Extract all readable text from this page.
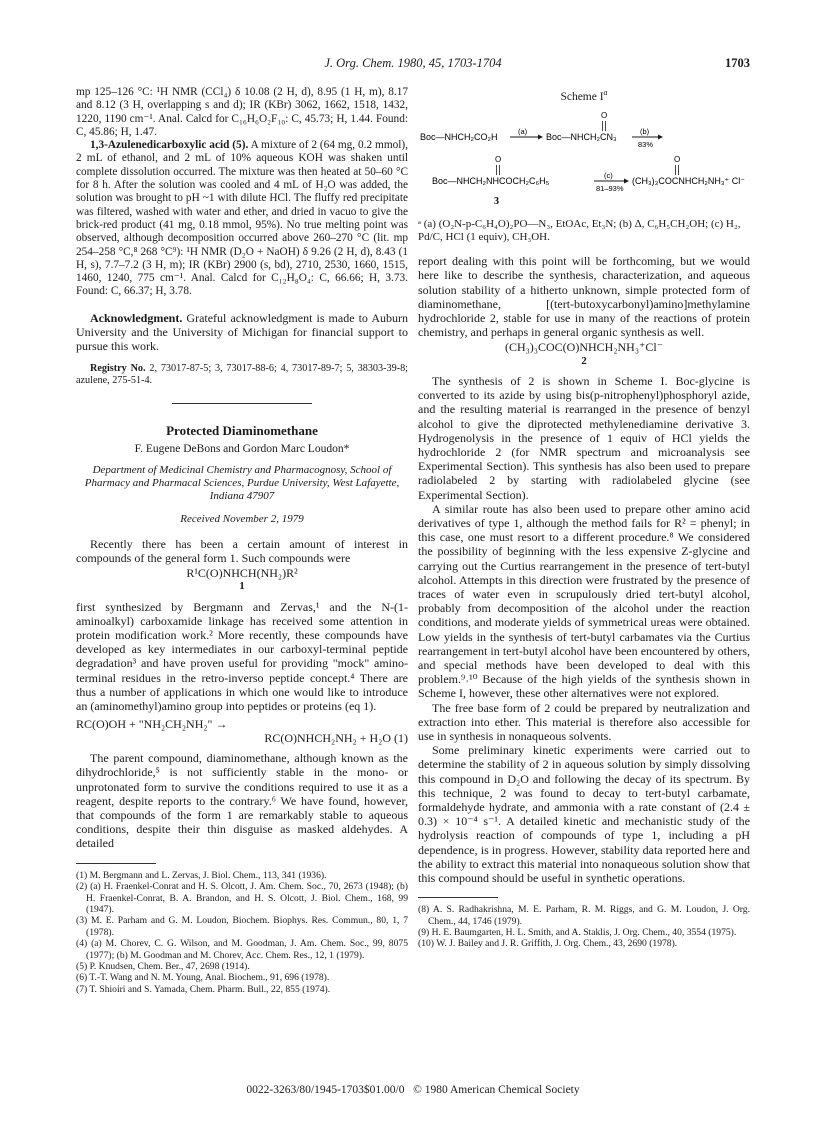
J. Org. Chem. 1980, 45, 1703-1704	1703

mp 125–126 °C: ¹H NMR (CCl₄) δ 10.08 (2 H, d), 8.95 (1 H, m), 8.17 and 8.12 (3 H, overlapping s and d); IR (KBr) 3062, 1662, 1518, 1432, 1220, 1190 cm⁻¹. Anal. Calcd for C₁₆H₆O₂F₁₀: C, 45.73; H, 1.44. Found: C, 45.86; H, 1.47.

1,3-Azulenedicarboxylic acid (5). A mixture of 2 (64 mg, 0.2 mmol), 2 mL of ethanol, and 2 mL of 10% aqueous KOH was shaken until complete dissolution occurred. The mixture was then heated at 50–60 °C for 8 h. After the solution was cooled and 4 mL of H₂O was added, the solution was brought to pH ~1 with dilute HCl. The fluffy red precipitate was filtered, washed with water and ether, and dried in vacuo to give the brick-red product (41 mg, 0.18 mmol, 95%). No true melting point was observed, although decomposition occurred above 260–270 °C (lit. mp 254–258 °C,⁸ 268 °C⁹): ¹H NMR (D₂O + NaOH) δ 9.26 (2 H, d), 8.43 (1 H, s), 7.7–7.2 (3 H, m); IR (KBr) 2900 (s, bd), 2710, 2530, 1660, 1515, 1460, 1240, 775 cm⁻¹. Anal. Calcd for C₁₂H₈O₄: C, 66.66; H, 3.73. Found: C, 66.37; H, 3.78.

Acknowledgment. Grateful acknowledgment is made to Auburn University and the University of Michigan for financial support to pursue this work.

Registry No. 2, 73017-87-5; 3, 73017-88-6; 4, 73017-89-7; 5, 38303-39-8; azulene, 275-51-4.

Protected Diaminomethane
F. Eugene DeBons and Gordon Marc Loudon*
Department of Medicinal Chemistry and Pharmacognosy, School of Pharmacy and Pharmacal Sciences, Purdue University, West Lafayette, Indiana 47907
Received November 2, 1979

Recently there has been a certain amount of interest in compounds of the general form 1. Such compounds were

R¹C(O)NHCH(NH₂)R²
1

first synthesized by Bergmann and Zervas,¹ and the N-(1-aminoalkyl) carboxamide linkage has received some attention in protein modification work.² More recently, these compounds have developed as key intermediates in our carboxyl-terminal peptide degradation³ and have proven useful for providing "mock" amino-terminal residues in the retro-inverso peptide concept.⁴ There are thus a number of applications in which one would like to introduce an (aminomethyl)amino group into peptides or proteins (eq 1).

RC(O)OH + "NH₂CH₂NH₂" →
RC(O)NHCH₂NH₂ + H₂O (1)

The parent compound, diaminomethane, although known as the dihydrochloride,⁵ is not sufficiently stable in the mono- or unprotonated form to survive the conditions required to use it as a reagent, despite reports to the contrary.⁶ We have found, however, that compounds of the form 1 are remarkably stable to aqueous conditions, despite their thin disguise as masked aldehydes. A detailed

(1) M. Bergmann and L. Zervas, J. Biol. Chem., 113, 341 (1936).
(2) (a) H. Fraenkel-Conrat and H. S. Olcott, J. Am. Chem. Soc., 70, 2673 (1948); (b) H. Fraenkel-Conrat, B. A. Brandon, and H. S. Olcott, J. Biol. Chem., 168, 99 (1947).
(3) M. E. Parham and G. M. Loudon, Biochem. Biophys. Res. Commun., 80, 1, 7 (1978).
(4) (a) M. Chorev, C. G. Wilson, and M. Goodman, J. Am. Chem. Soc., 99, 8075 (1977); (b) M. Goodman and M. Chorev, Acc. Chem. Res., 12, 1 (1979).
(5) P. Knudsen, Chem. Ber., 47, 2698 (1914).
(6) T.-T. Wang and N. M. Young, Anal. Biochem., 91, 696 (1978).
(7) T. Shioiri and S. Yamada, Chem. Pharm. Bull., 22, 855 (1974).
Scheme $I^a$
Boc—NHCH₂CO₂H
(a)
O
Boc—NHCH₂CN₃
(b)
83%
O
Boc—NHCH₂NHCOCH₂C₆H₅
(c)
81–93%
O
(CH₃)₃COCNHCH₂NH₃⁺ Cl⁻
3

ᵃ (a) (O₂N-p-C₆H₄O)₂PO—N₃, EtOAc, Et₃N; (b) Δ, C₆H₅CH₂OH; (c) H₂, Pd/C, HCl (1 equiv), CH₃OH.

report dealing with this point will be forthcoming, but we would here like to describe the synthesis, characterization, and aqueous solution stability of a hitherto unknown, simple protected form of diaminomethane, [(tert-butoxycarbonyl)amino]methylamine hydrochloride 2, stable for use in many of the reactions of protein chemistry, and perhaps in general organic synthesis as well.

(CH₃)₃COC(O)NHCH₂NH₃⁺Cl⁻
2

The synthesis of 2 is shown in Scheme I. Boc-glycine is converted to its azide by using bis(p-nitrophenyl)phosphoryl azide, and the resulting material is rearranged in the presence of benzyl alcohol to give the diprotected methylenediamine derivative 3. Hydrogenolysis in the presence of 1 equiv of HCl yields the hydrochloride 2 (for NMR spectrum and microanalysis see Experimental Section). This synthesis has also been used to prepare radiolabeled 2 by starting with radiolabeled glycine (see Experimental Section).

A similar route has also been used to prepare other amino acid derivatives of type 1, although the method fails for R² = phenyl; in this case, one must resort to a different procedure.⁸ We considered the possibility of beginning with the less expensive Z-glycine and carrying out the Curtius rearrangement in the presence of tert-butyl alcohol. Attempts in this direction were frustrated by the presence of traces of water even in scrupulously dried tert-butyl alcohol, probably from decomposition of the alcohol under the reaction conditions, and moderate yields of symmetrical ureas were obtained. Low yields in the synthesis of tert-butyl carbamates via the Curtius rearrangement in tert-butyl alcohol have been encountered by others, and special methods have been developed to deal with this problem.⁹˒¹⁰ Because of the high yields of the synthesis shown in Scheme I, however, these other alternatives were not explored.

The free base form of 2 could be prepared by neutralization and extraction into ether. This material is therefore also accessible for use in synthesis in nonaqueous solvents.

Some preliminary kinetic experiments were carried out to determine the stability of 2 in aqueous solution by simply dissolving this compound in D₂O and following the decay of its spectrum. By this technique, 2 was found to decay to tert-butyl carbamate, formaldehyde hydrate, and ammonia with a rate constant of (2.4 ± 0.3) × 10⁻⁴ s⁻¹. A detailed kinetic and mechanistic study of the hydrolysis reaction of compounds of type 1, including a pH dependence, is in progress. However, stability data reported here and the ability to extract this material into nonaqueous solution show that this compound should be useful in synthetic operations.

(8) A. S. Radhakrishna, M. E. Parham, R. M. Riggs, and G. M. Loudon, J. Org. Chem., 44, 1746 (1979).
(9) H. E. Baumgarten, H. L. Smith, and A. Staklis, J. Org. Chem., 40, 3554 (1975).
(10) W. J. Bailey and J. R. Griffith, J. Org. Chem., 43, 2690 (1978).
0022-3263/80/1945-1703$01.00/0 © 1980 American Chemical Society
